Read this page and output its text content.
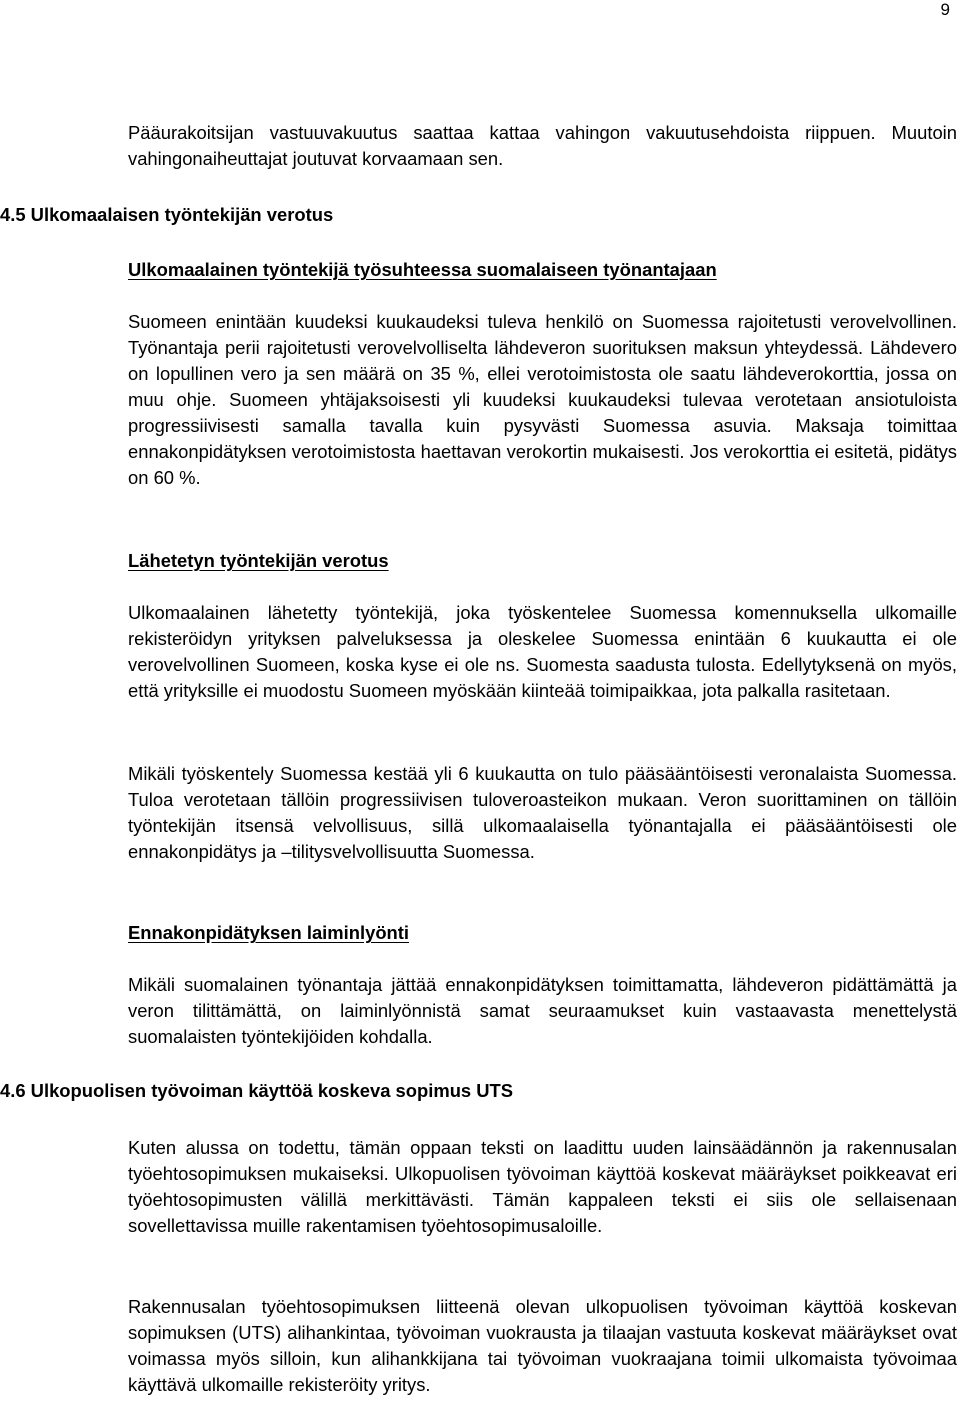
9

Pääurakoitsijan vastuuvakuutus saattaa kattaa vahingon vakuutusehdoista riippuen. Muutoin vahingonaiheuttajat joutuvat korvaamaan sen.

4.5 Ulkomaalaisen työntekijän verotus
Ulkomaalainen työntekijä työsuhteessa suomalaiseen työnantajaan

Suomeen enintään kuudeksi kuukaudeksi tuleva henkilö on Suomessa rajoitetusti verovelvollinen. Työnantaja perii rajoitetusti verovelvolliselta lähdeveron suorituksen maksun yhteydessä. Lähdevero on lopullinen vero ja sen määrä on 35 %, ellei verotoimistosta ole saatu lähdeverokorttia, jossa on muu ohje. Suomeen yhtäjaksoisesti yli kuudeksi kuukaudeksi tulevaa verotetaan ansiotuloista progressiivisesti samalla tavalla kuin pysyvästi Suomessa asuvia. Maksaja toimittaa ennakonpidätyksen verotoimistosta haettavan verokortin mukaisesti. Jos verokorttia ei esitetä, pidätys on 60 %.

Lähetetyn työntekijän verotus

Ulkomaalainen lähetetty työntekijä, joka työskentelee Suomessa komennuksella ulkomaille rekisteröidyn yrityksen palveluksessa ja oleskelee Suomessa enintään 6 kuukautta ei ole verovelvollinen Suomeen, koska kyse ei ole ns. Suomesta saadusta tulosta. Edellytyksenä on myös, että yrityksille ei muodostu Suomeen myöskään kiinteää toimipaikkaa, jota palkalla rasitetaan.

Mikäli työskentely Suomessa kestää yli 6 kuukautta on tulo pääsääntöisesti veronalaista Suomessa. Tuloa verotetaan tällöin progressiivisen tuloveroasteikon mukaan. Veron suorittaminen on tällöin työntekijän itsensä velvollisuus, sillä ulkomaalaisella työnantajalla ei pääsääntöisesti ole ennakonpidätys ja –tilitysvelvollisuutta Suomessa.

Ennakonpidätyksen laiminlyönti

Mikäli suomalainen työnantaja jättää ennakonpidätyksen toimittamatta, lähdeveron pidättämättä ja veron tilittämättä, on laiminlyönnistä samat seuraamukset kuin vastaavasta menettelystä suomalaisten työntekijöiden kohdalla.

4.6 Ulkopuolisen työvoiman käyttöä koskeva sopimus UTS

Kuten alussa on todettu, tämän oppaan teksti on laadittu uuden lainsäädännön ja rakennusalan työehtosopimuksen mukaiseksi. Ulkopuolisen työvoiman käyttöä koskevat määräykset poikkeavat eri työehtosopimusten välillä merkittävästi. Tämän kappaleen teksti ei siis ole sellaisenaan sovellettavissa muille rakentamisen työehtosopimusaloille.

Rakennusalan työehtosopimuksen liitteenä olevan ulkopuolisen työvoiman käyttöä koskevan sopimuksen (UTS) alihankintaa, työvoiman vuokrausta ja tilaajan vastuuta koskevat määräykset ovat voimassa myös silloin, kun alihankkijana tai työvoiman vuokraajana toimii ulkomaista työvoimaa käyttävä ulkomaille rekisteröity yritys.
